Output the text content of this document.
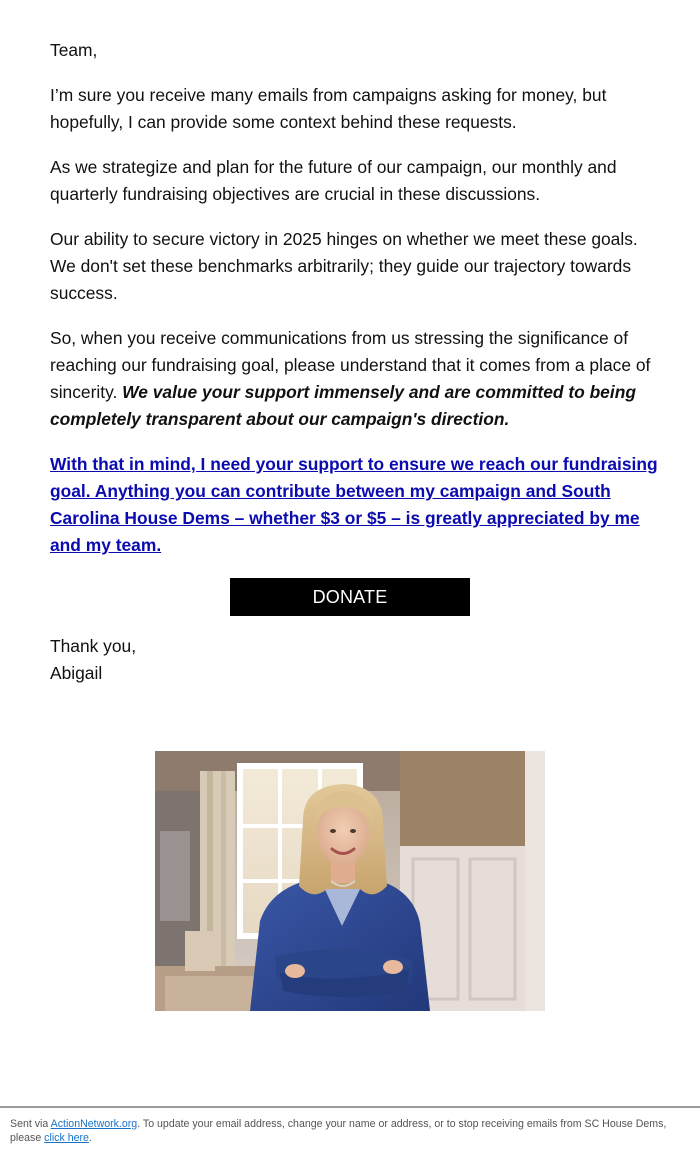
Team,

I’m sure you receive many emails from campaigns asking for money, but hopefully, I can provide some context behind these requests.

As we strategize and plan for the future of our campaign, our monthly and quarterly fundraising objectives are crucial in these discussions.

Our ability to secure victory in 2025 hinges on whether we meet these goals. We don't set these benchmarks arbitrarily; they guide our trajectory towards success.

So, when you receive communications from us stressing the significance of reaching our fundraising goal, please understand that it comes from a place of sincerity. We value your support immensely and are committed to being completely transparent about our campaign's direction.

With that in mind, I need your support to ensure we reach our fundraising goal. Anything you can contribute between my campaign and South Carolina House Dems – whether $3 or $5 – is greatly appreciated by me and my team.

DONATE
Thank you,
Abigail
Sent via ActionNetwork.org. To update your email address, change your name or address, or to stop receiving emails from SC House Dems, please click here.
